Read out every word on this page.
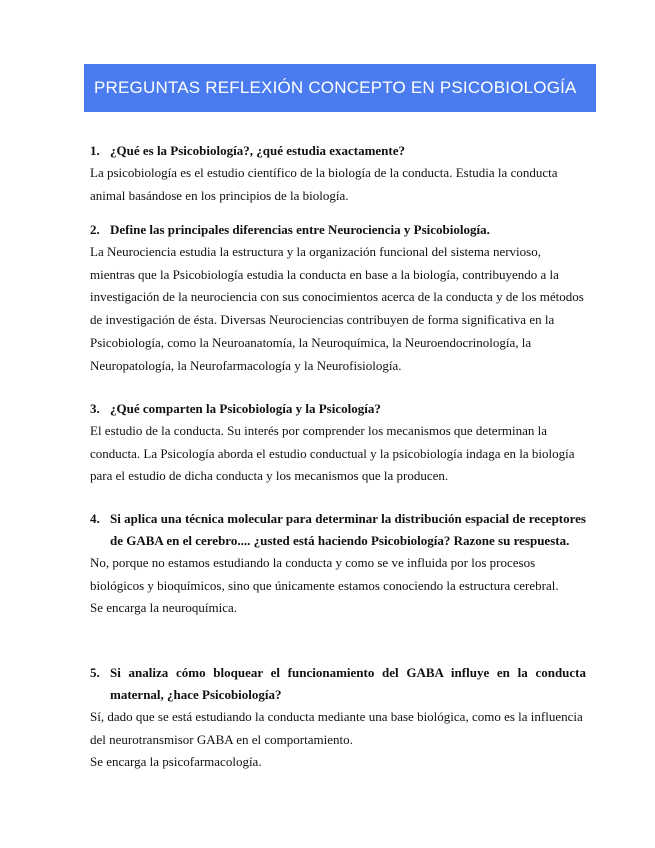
PREGUNTAS REFLEXIÓN CONCEPTO EN PSICOBIOLOGÍA
1. ¿Qué es la Psicobiología?, ¿qué estudia exactamente?

La psicobiología es el estudio científico de la biología de la conducta. Estudia la conducta animal basándose en los principios de la biología.

2. Define las principales diferencias entre Neurociencia y Psicobiología.

La Neurociencia estudia la estructura y la organización funcional del sistema nervioso, mientras que la Psicobiología estudia la conducta en base a la biología, contribuyendo a la investigación de la neurociencia con sus conocimientos acerca de la conducta y de los métodos de investigación de ésta. Diversas Neurociencias contribuyen de forma significativa en la Psicobiología, como la Neuroanatomía, la Neuroquímica, la Neuroendocrinología, la Neuropatología, la Neurofarmacología y la Neurofisiología.

3. ¿Qué comparten la Psicobiología y la Psicología?

El estudio de la conducta. Su interés por comprender los mecanismos que determinan la conducta. La Psicología aborda el estudio conductual y la psicobiología indaga en la biología para el estudio de dicha conducta y los mecanismos que la producen.

4. Si aplica una técnica molecular para determinar la distribución espacial de receptores de GABA en el cerebro.... ¿usted está haciendo Psicobiología? Razone su respuesta.

No, porque no estamos estudiando la conducta y como se ve influida por los procesos biológicos y bioquímicos, sino que únicamente estamos conociendo la estructura cerebral.

Se encarga la neuroquímica.

5. Si analiza cómo bloquear el funcionamiento del GABA influye en la conducta maternal, ¿hace Psicobiología?

Sí, dado que se está estudiando la conducta mediante una base biológica, como es la influencia del neurotransmisor GABA en el comportamiento.

Se encarga la psicofarmacología.
